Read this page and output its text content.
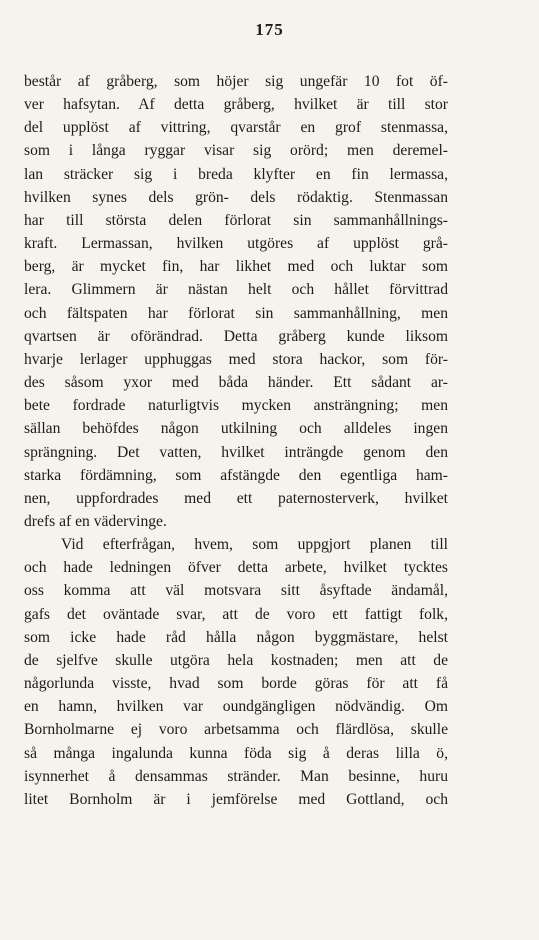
175
består af gråberg, som höjer sig ungefär 10 fot öf-
ver hafsytan. Af detta gråberg, hvilket är till stor
del upplöst af vittring, qvarstår en grof stenmassa,
som i långa ryggar visar sig orörd; men deremel-
lan sträcker sig i breda klyfter en fin lermassa,
hvilken synes dels grön- dels rödaktig. Stenmassan
har till största delen förlorat sin sammanhållnings-
kraft. Lermassan, hvilken utgöres af upplöst grå-
berg, är mycket fin, har likhet med och luktar som
lera. Glimmern är nästan helt och hållet förvittrad
och fältspaten har förlorat sin sammanhållning, men
qvartsen är oförändrad. Detta gråberg kunde liksom
hvarje lerlager upphuggas med stora hackor, som för-
des såsom yxor med båda händer. Ett sådant ar-
bete fordrade naturligtvis mycken ansträngning; men
sällan behöfdes någon utkilning och alldeles ingen
sprängning. Det vatten, hvilket inträngde genom den
starka fördämning, som afstängde den egentliga ham-
nen, uppfordrades med ett paternosterverk, hvilket
drefs af en vädervinge.
Vid efterfrågan, hvem, som uppgjort planen till
och hade ledningen öfver detta arbete, hvilket tycktes
oss komma att väl motsvara sitt åsyftade ändamål,
gafs det oväntade svar, att de voro ett fattigt folk,
som icke hade råd hålla någon byggmästare, helst
de sjelfve skulle utgöra hela kostnaden; men att de
någorlunda visste, hvad som borde göras för att få
en hamn, hvilken var oundgängligen nödvändig. Om
Bornholmarne ej voro arbetsamma och flärdlösa, skulle
så många ingalunda kunna föda sig å deras lilla ö,
isynnerhet å densammas stränder. Man besinne, huru
litet Bornholm är i jemförelse med Gottland, och
